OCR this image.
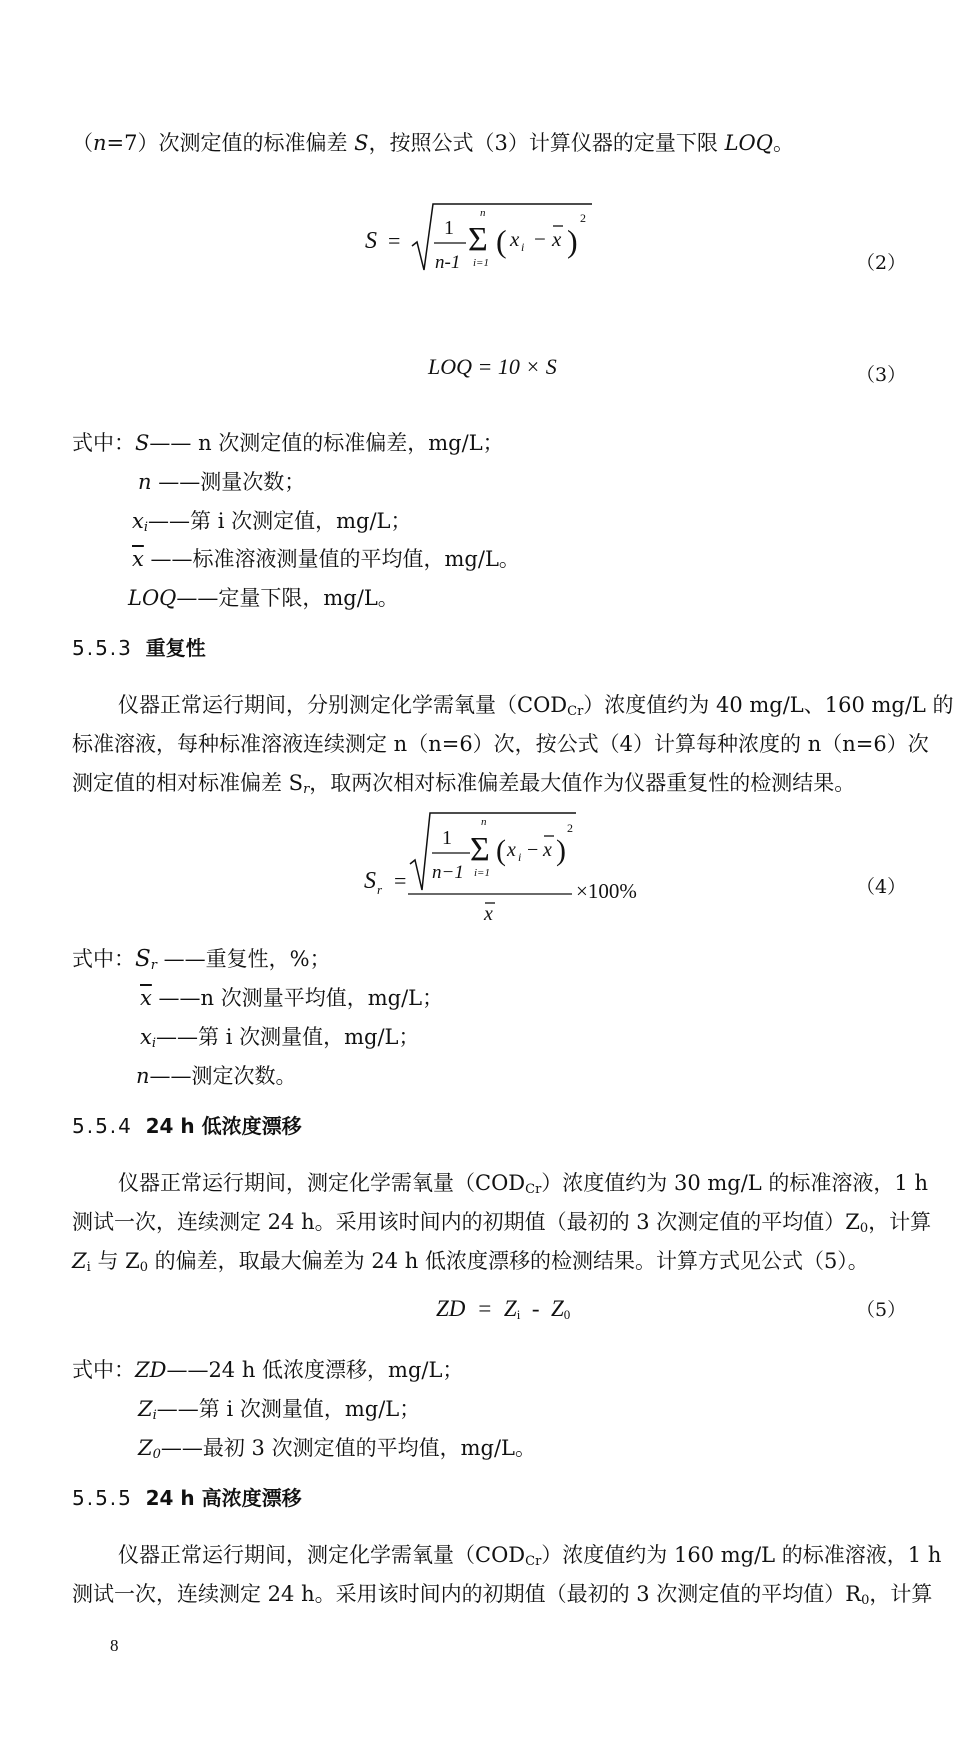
（n=7）次测定值的标准偏差 S，按照公式（3）计算仪器的定量下限 LOQ。
S = 1
n-1
n
Σ
i=1
( x i − x )
2
（2）
LOQ = 10 × S	（3）
式中：S—— n 次测定值的标准偏差，mg/L；
n ——测量次数；
$x_i——$第 i 次测定值，mg/L；
$\overline{x}$ ——标准溶液测量值的平均值，mg/L。
LOQ——定量下限，mg/L。
5.5.3 重复性
仪器正常运行期间，分别测定化学需氧量$(COD_{Cr})$浓度值约为 40 mg/L、160 mg/L 的
标准溶液，每种标准溶液连续测定 n（n=6）次，按公式（4）计算每种浓度的 n（n=6）次
测定值的相对标准偏差 $S_r$，取两次相对标准偏差最大值作为仪器重复性的检测结果。
S r =
1
n−1
n
Σ
i=1
( x i − x )
2
x
×100%	（4）
式中：$S_r$ ——重复性，%；
$\overline{x}$ ——n 次测量平均值，mg/L；
$x_i——$第 i 次测量值，mg/L；
n——测定次数。
5.5.4 24 h 低浓度漂移
仪器正常运行期间，测定化学需氧量$(COD_{Cr})$浓度值约为 30 mg/L 的标准溶液，1 h
测试一次，连续测定 24 h。采用该时间内的初期值（最初的 3 次测定值的平均值）$Z_0$，计算
$Z_i$ 与 $Z_0$ 的偏差，取最大偏差为 24 h 低浓度漂移的检测结果。计算方式见公式（5）。
ZD  =  $Z_i - Z_0$	（5）
式中：ZD——24 h 低浓度漂移，mg/L；
$Z_i——$第 i 次测量值，mg/L；
$Z_0——$最初 3 次测定值的平均值，mg/L。
5.5.5 24 h 高浓度漂移
仪器正常运行期间，测定化学需氧量$(COD_{Cr})$浓度值约为 160 mg/L 的标准溶液，1 h
测试一次，连续测定 24 h。采用该时间内的初期值（最初的 3 次测定值的平均值）$R_0$，计算
8
